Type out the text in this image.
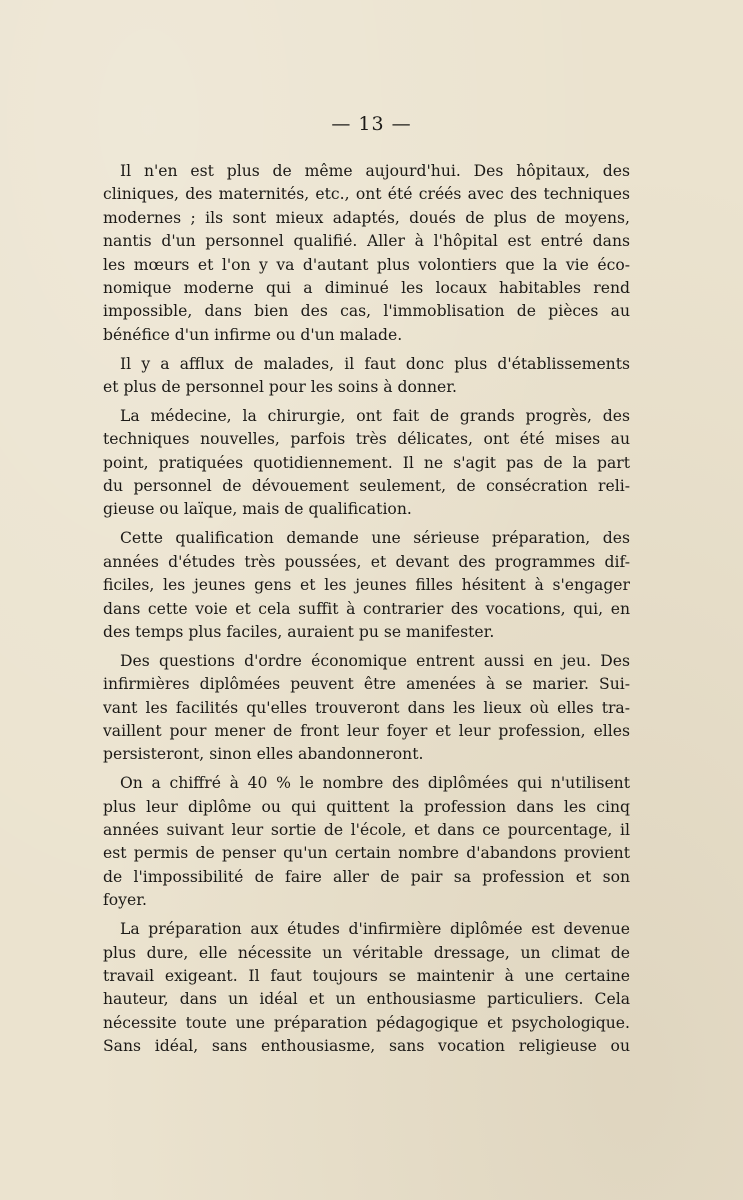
— 13 —
Il n'en est plus de même aujourd'hui. Des hôpitaux, des
cliniques, des maternités, etc., ont été créés avec des techniques
modernes ; ils sont mieux adaptés, doués de plus de moyens,
nantis d'un personnel qualifié. Aller à l'hôpital est entré dans
les mœurs et l'on y va d'autant plus volontiers que la vie éco-
nomique moderne qui a diminué les locaux habitables rend
impossible, dans bien des cas, l'immoblisation de pièces au
bénéfice d'un infirme ou d'un malade.
Il y a afflux de malades, il faut donc plus d'établissements
et plus de personnel pour les soins à donner.
La médecine, la chirurgie, ont fait de grands progrès, des
techniques nouvelles, parfois très délicates, ont été mises au
point, pratiquées quotidiennement. Il ne s'agit pas de la part
du personnel de dévouement seulement, de consécration reli-
gieuse ou laïque, mais de qualification.
Cette qualification demande une sérieuse préparation, des
années d'études très poussées, et devant des programmes dif-
ficiles, les jeunes gens et les jeunes filles hésitent à s'engager
dans cette voie et cela suffit à contrarier des vocations, qui, en
des temps plus faciles, auraient pu se manifester.
Des questions d'ordre économique entrent aussi en jeu. Des
infirmières diplômées peuvent être amenées à se marier. Sui-
vant les facilités qu'elles trouveront dans les lieux où elles tra-
vaillent pour mener de front leur foyer et leur profession, elles
persisteront, sinon elles abandonneront.
On a chiffré à 40 % le nombre des diplômées qui n'utilisent
plus leur diplôme ou qui quittent la profession dans les cinq
années suivant leur sortie de l'école, et dans ce pourcentage, il
est permis de penser qu'un certain nombre d'abandons provient
de l'impossibilité de faire aller de pair sa profession et son
foyer.
La préparation aux études d'infirmière diplômée est devenue
plus dure, elle nécessite un véritable dressage, un climat de
travail exigeant. Il faut toujours se maintenir à une certaine
hauteur, dans un idéal et un enthousiasme particuliers. Cela
nécessite toute une préparation pédagogique et psychologique.
Sans idéal, sans enthousiasme, sans vocation religieuse ou
